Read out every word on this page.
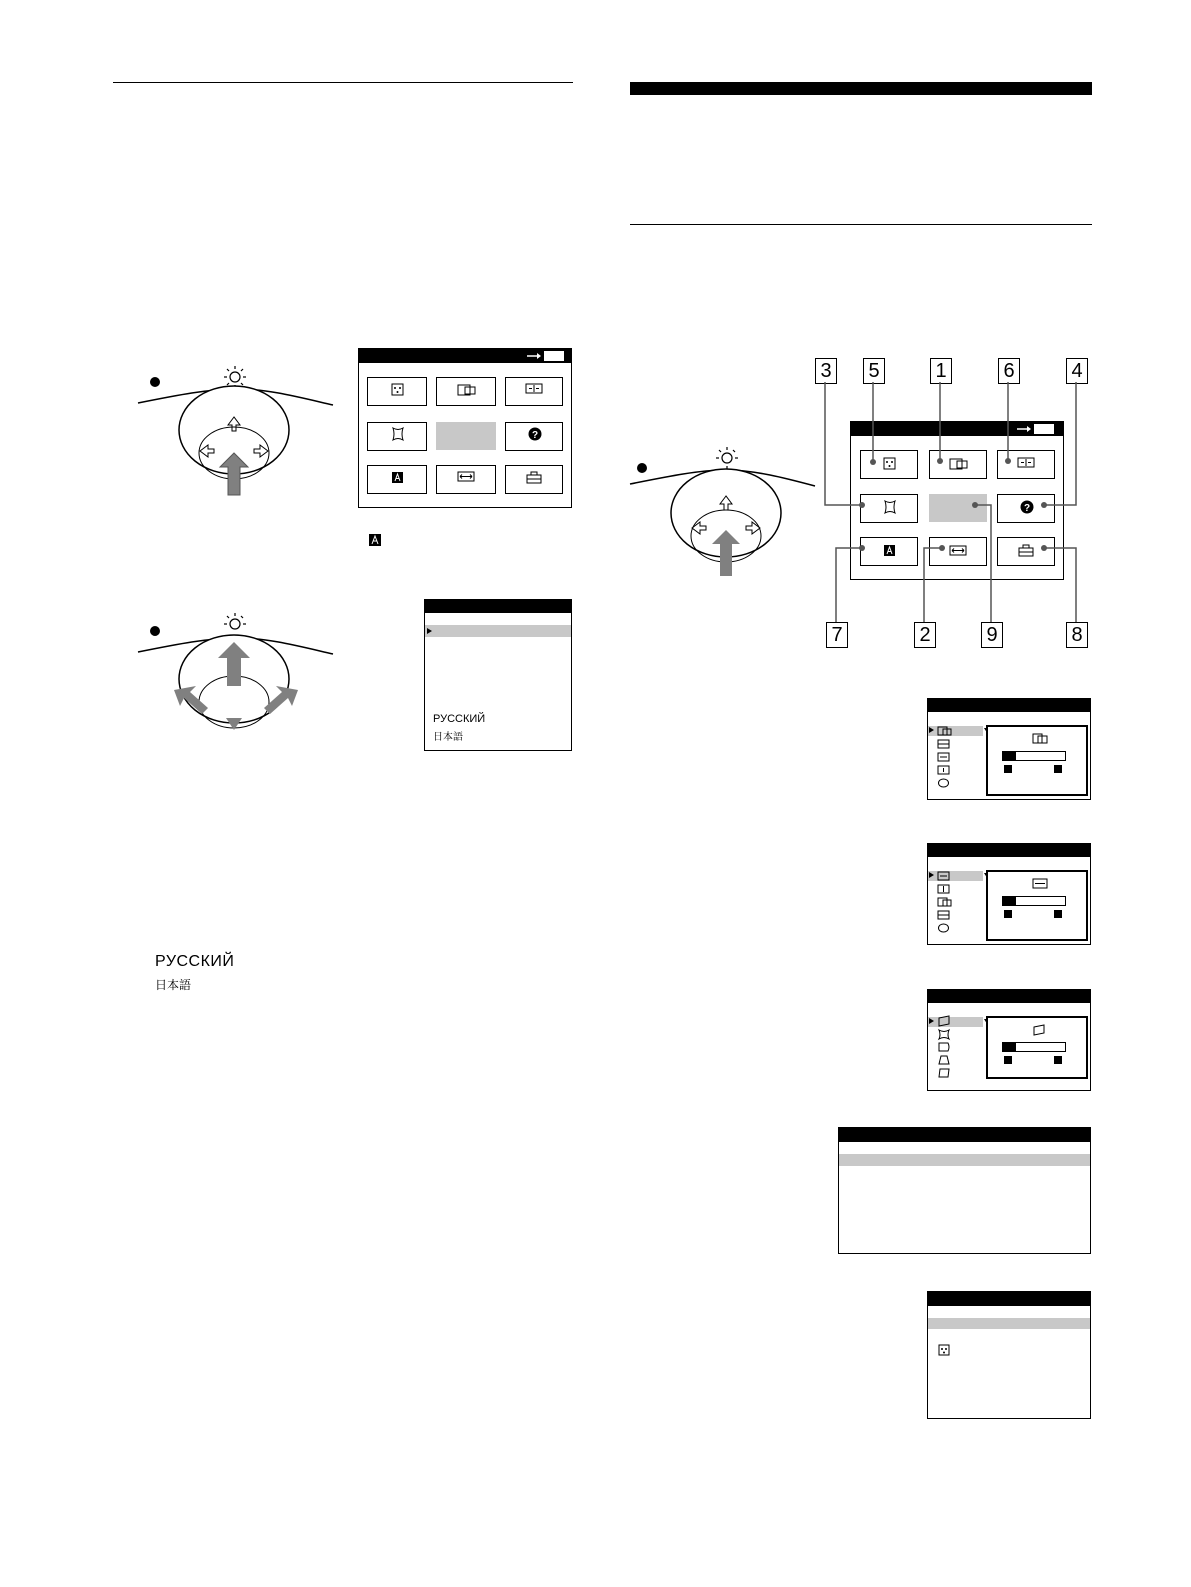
?
РУССКИЙ
日本語
РУССКИЙ
日本語
3 5	1	6	4
7	2	9	8
?
